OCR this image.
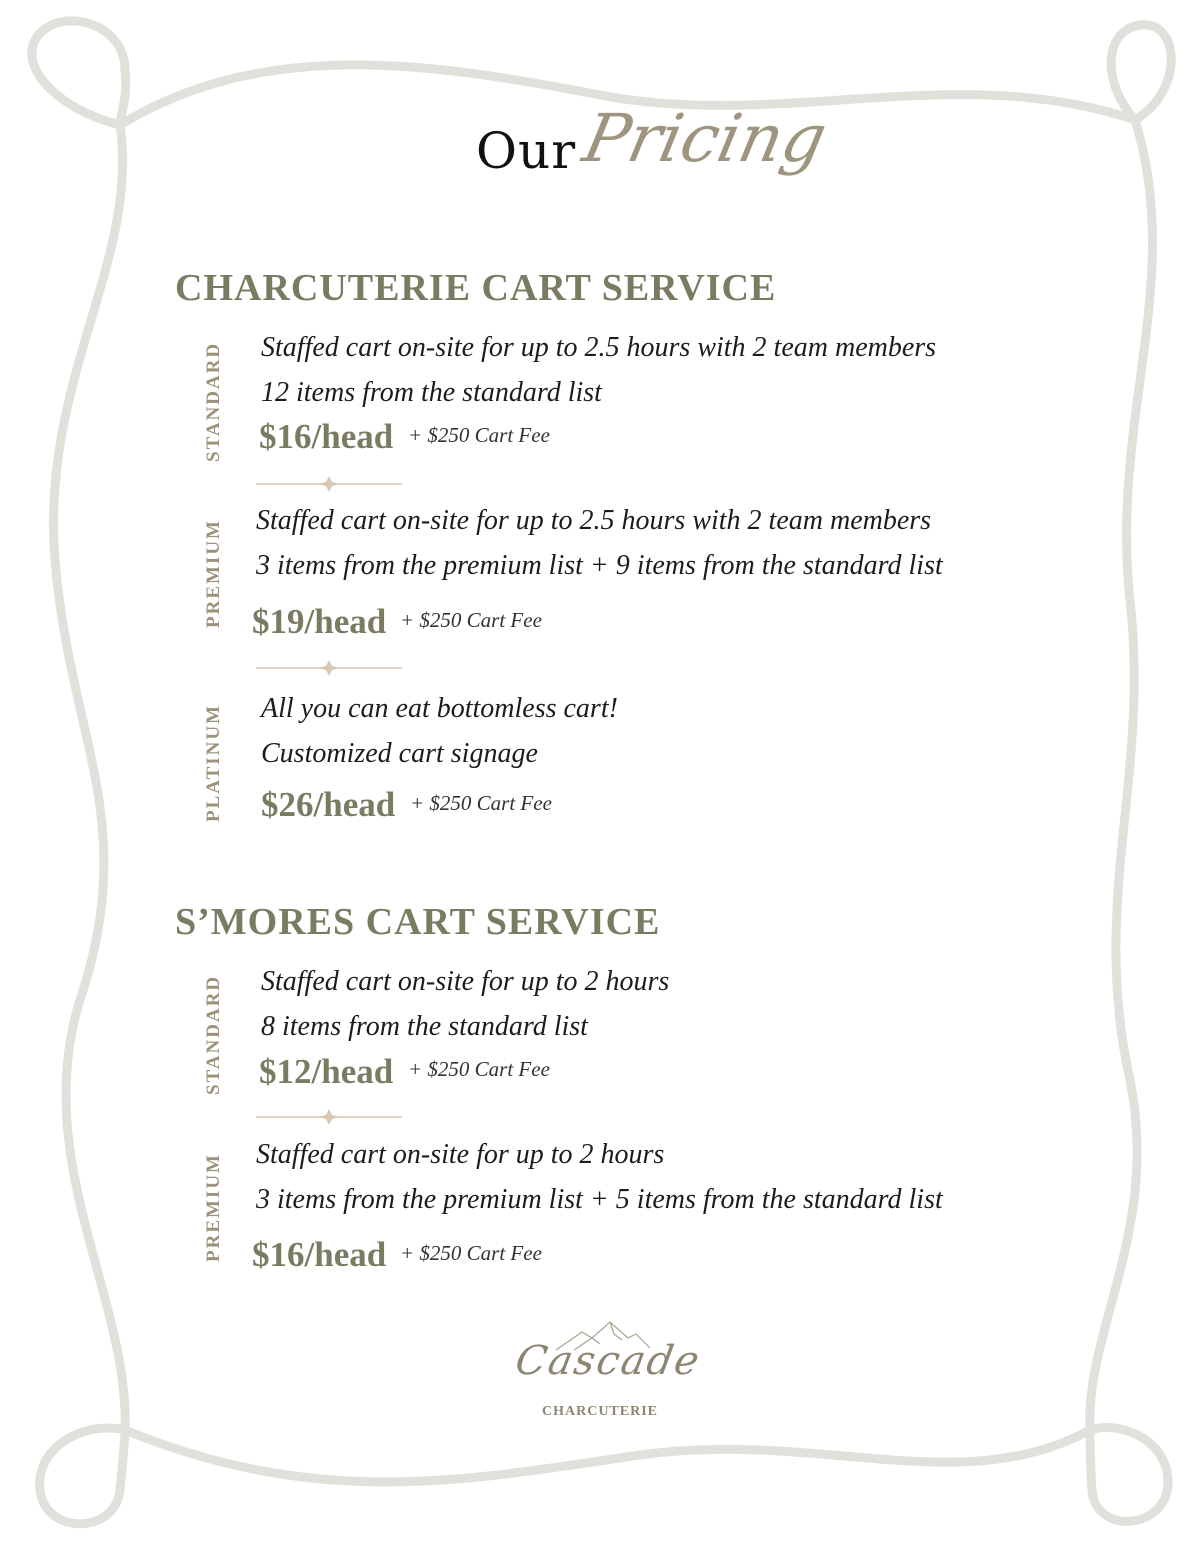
Our Pricing
CHARCUTERIE CART SERVICE
STANDARD Staffed cart on-site for up to 2.5 hours with 2 team members
12 items from the standard list
$16/head + $250 Cart Fee
PREMIUM Staffed cart on-site for up to 2.5 hours with 2 team members
3 items from the premium list + 9 items from the standard list
$19/head + $250 Cart Fee
PLATINUM All you can eat bottomless cart!
Customized cart signage
$26/head + $250 Cart Fee
S’MORES CART SERVICE
STANDARD Staffed cart on-site for up to 2 hours
8 items from the standard list
$12/head + $250 Cart Fee
PREMIUM Staffed cart on-site for up to 2 hours
3 items from the premium list + 5 items from the standard list
$16/head + $250 Cart Fee
Cascade
CHARCUTERIE
